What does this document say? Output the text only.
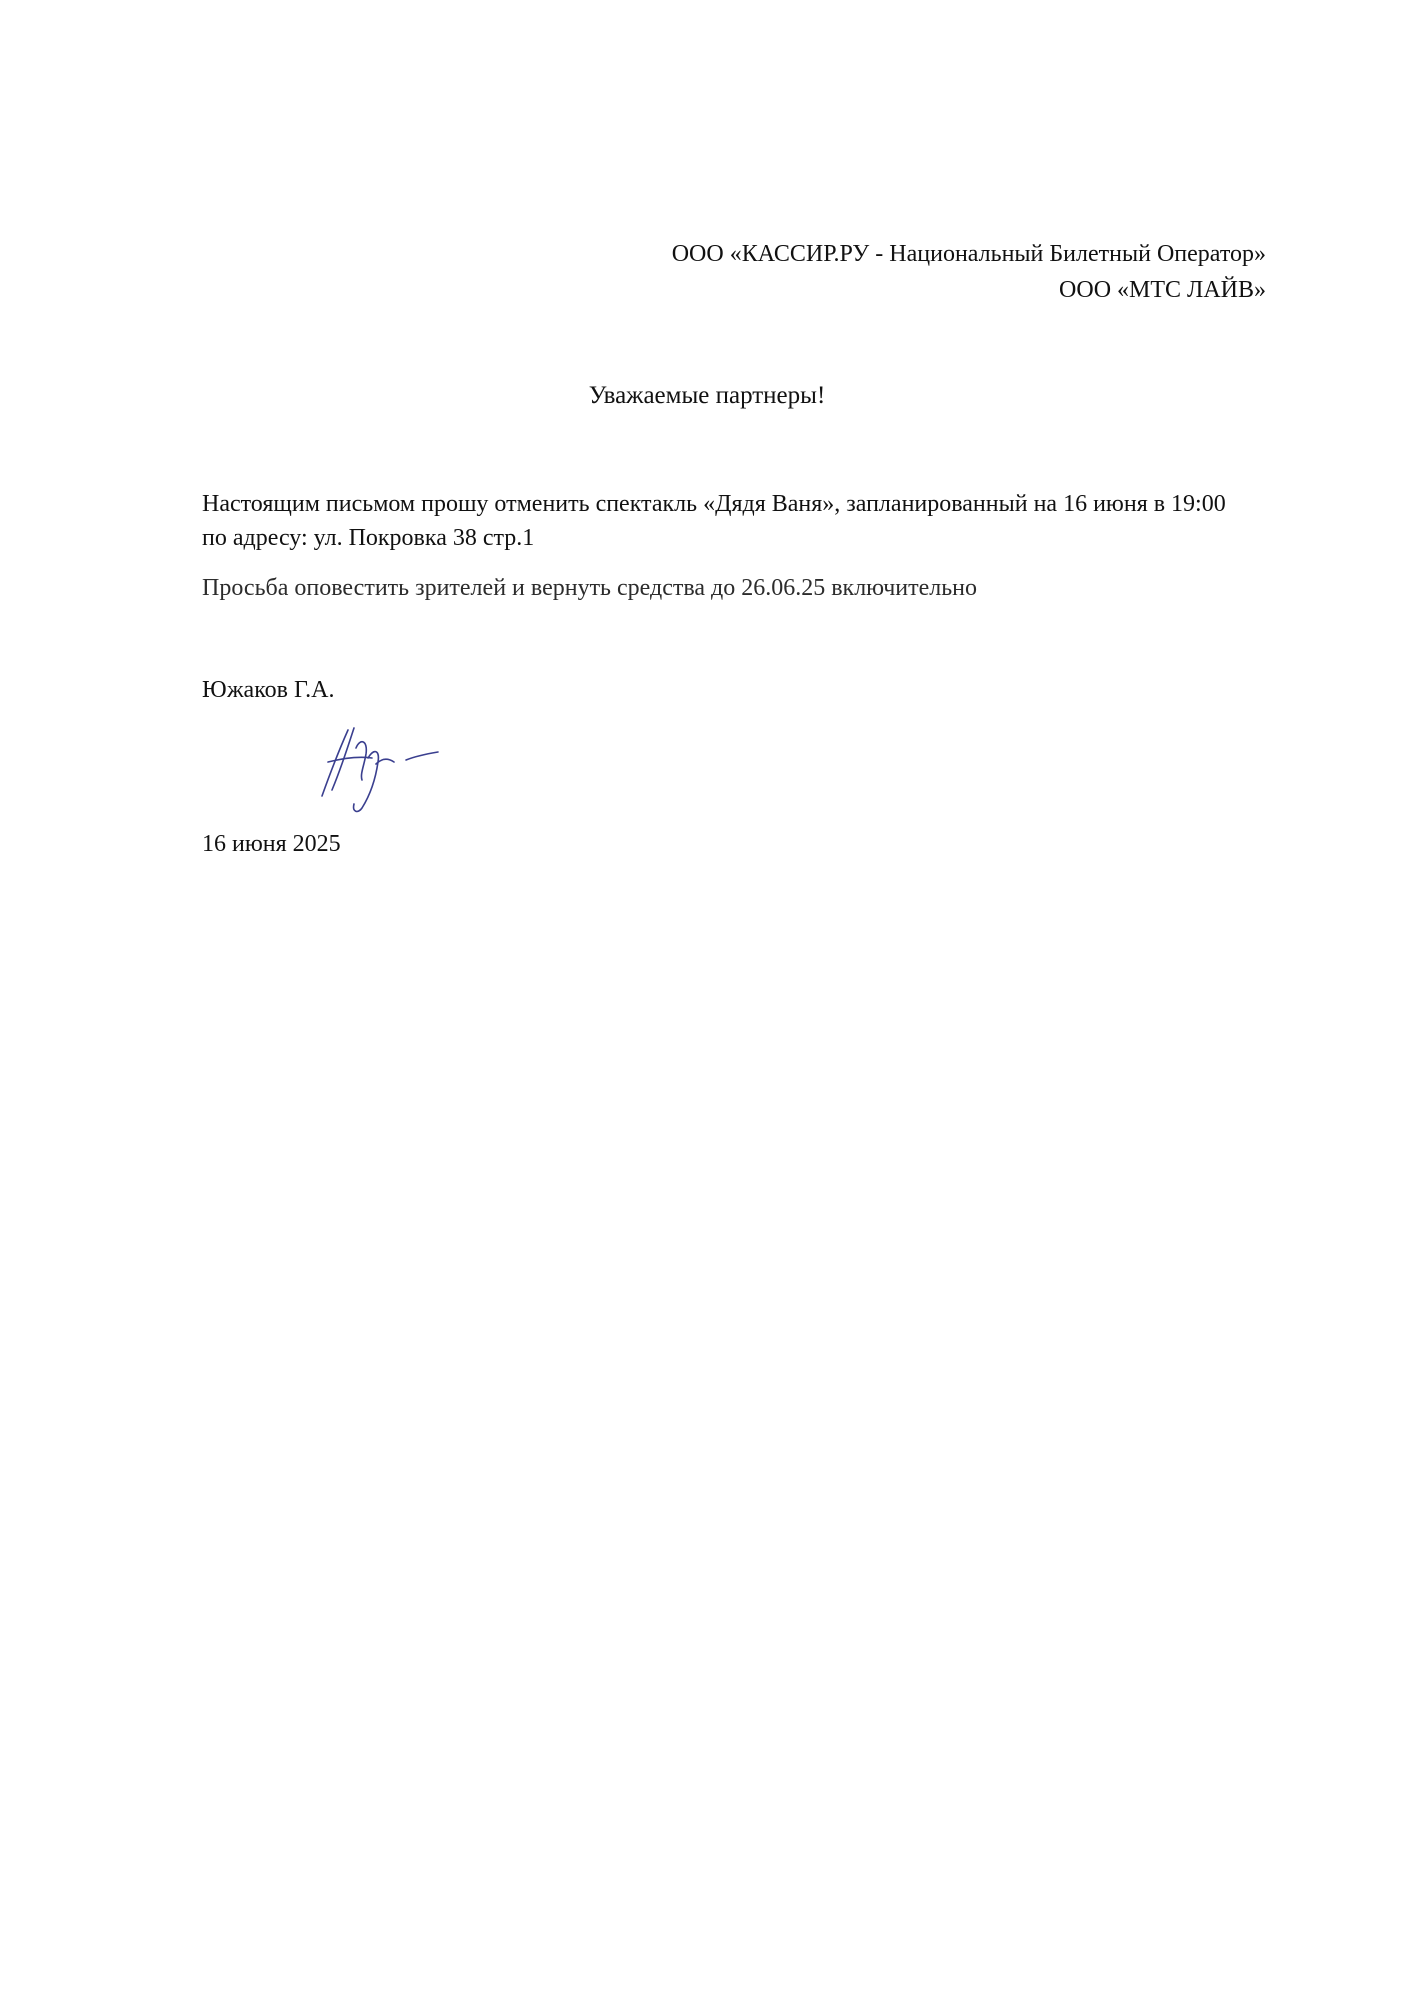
ООО «КАССИР.РУ - Национальный Билетный Оператор»
ООО «МТС ЛАЙВ»
Уважаемые партнеры!
Настоящим письмом прошу отменить спектакль «Дядя Ваня», запланированный на 16 июня в 19:00
по адресу: ул. Покровка 38 стр.1
Просьба оповестить зрителей и вернуть средства до 26.06.25 включительно
Южаков Г.А.
16 июня 2025
